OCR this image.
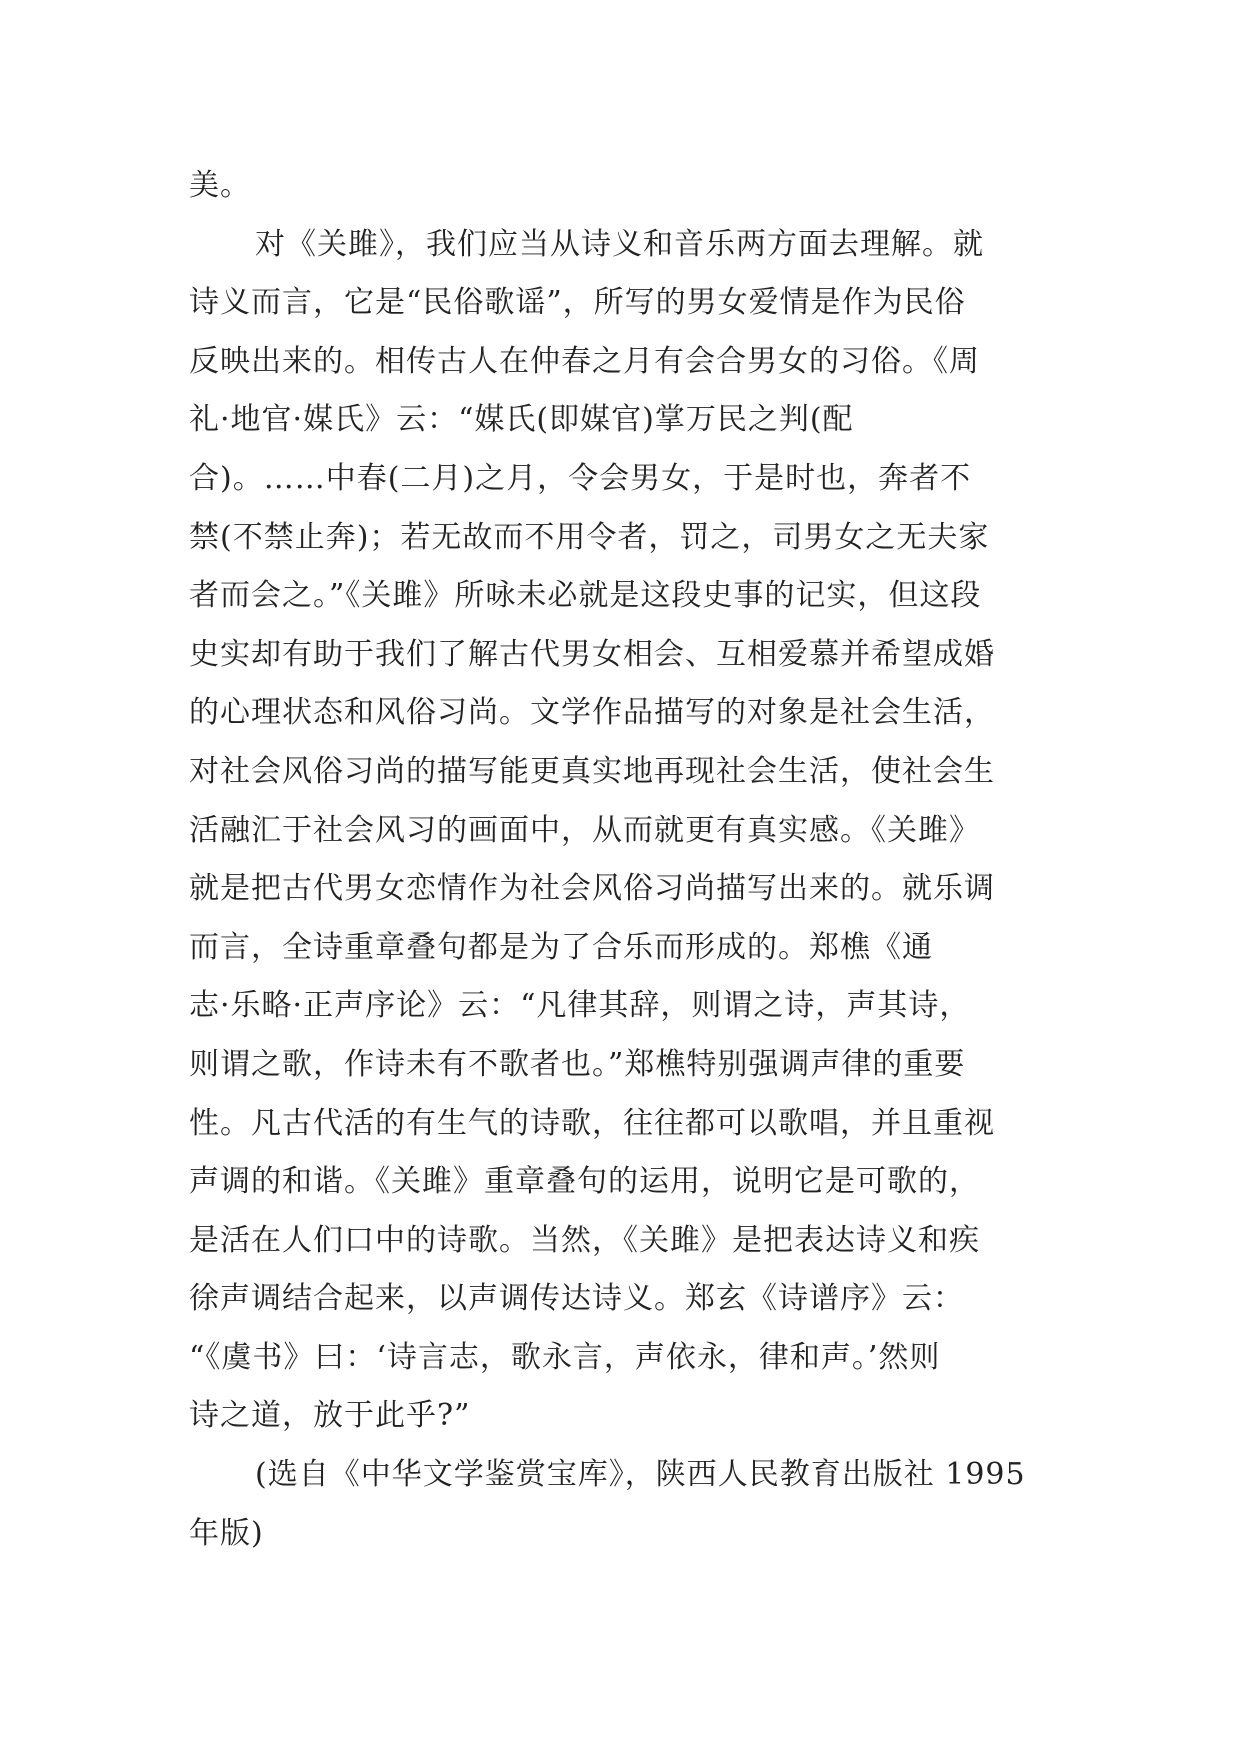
美。
对《关雎》，我们应当从诗义和音乐两方面去理解。就
诗义而言，它是“民俗歌谣”，所写的男女爱情是作为民俗
反映出来的。相传古人在仲春之月有会合男女的习俗。《周
礼·地官·媒氏》云：“媒氏(即媒官)掌万民之判(配
合)。……中春(二月)之月，令会男女，于是时也，奔者不
禁(不禁止奔)；若无故而不用令者，罚之，司男女之无夫家
者而会之。”《关雎》所咏未必就是这段史事的记实，但这段
史实却有助于我们了解古代男女相会、互相爱慕并希望成婚
的心理状态和风俗习尚。文学作品描写的对象是社会生活，
对社会风俗习尚的描写能更真实地再现社会生活，使社会生
活融汇于社会风习的画面中，从而就更有真实感。《关雎》
就是把古代男女恋情作为社会风俗习尚描写出来的。就乐调
而言，全诗重章叠句都是为了合乐而形成的。郑樵《通
志·乐略·正声序论》云：“凡律其辞，则谓之诗，声其诗，
则谓之歌，作诗未有不歌者也。”郑樵特别强调声律的重要
性。凡古代活的有生气的诗歌，往往都可以歌唱，并且重视
声调的和谐。《关雎》重章叠句的运用，说明它是可歌的，
是活在人们口中的诗歌。当然，《关雎》是把表达诗义和疾
徐声调结合起来，以声调传达诗义。郑玄《诗谱序》云：
“《虞书》曰：‘诗言志，歌永言，声依永，律和声。’然则
诗之道，放于此乎?”
(选自《中华文学鉴赏宝库》，陕西人民教育出版社 1995
年版)
